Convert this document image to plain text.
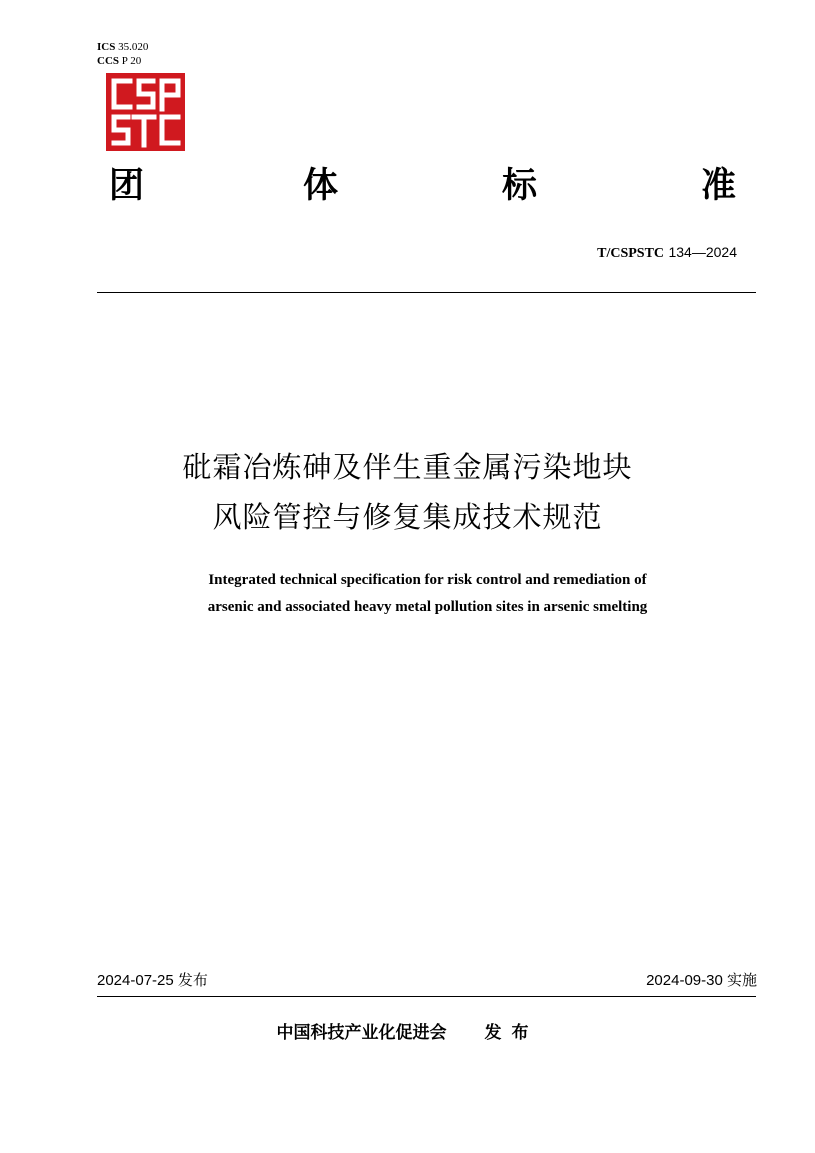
ICS 35.020
CCS P 20
团	体	标	准
T/CSPSTC 134—2024
砒霜冶炼砷及伴生重金属污染地块
风险管控与修复集成技术规范
Integrated technical specification for risk control and remediation of
arsenic and associated heavy metal pollution sites in arsenic smelting
2024-07-25 发布	2024-09-30 实施
中国科技产业化促进会 发布
